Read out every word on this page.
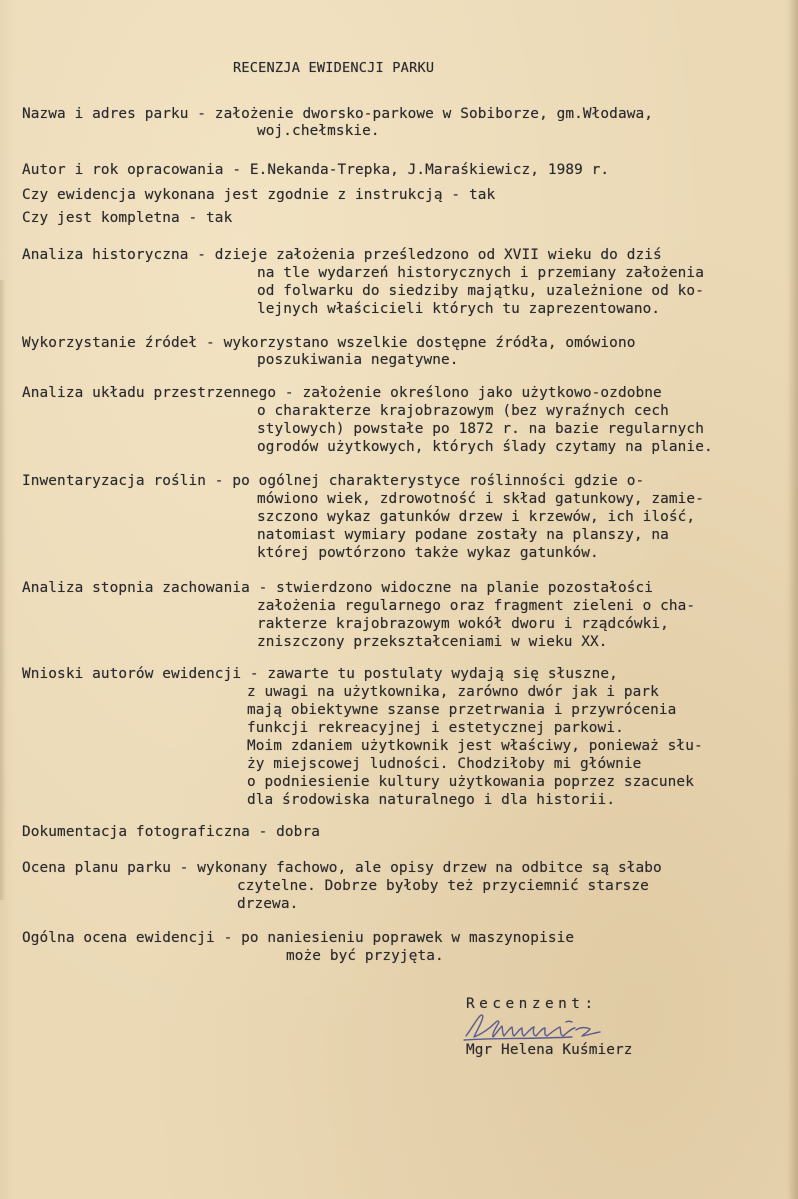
RECENZJA EWIDENCJI PARKU
Nazwa i adres parku - założenie dworsko-parkowe w Sobiborze, gm.Włodawa,
woj.chełmskie.
Autor i rok opracowania - E.Nekanda-Trepka, J.Maraśkiewicz, 1989 r.
Czy ewidencja wykonana jest zgodnie z instrukcją - tak
Czy jest kompletna - tak
Analiza historyczna - dzieje założenia prześledzono od XVII wieku do dziś
na tle wydarzeń historycznych i przemiany założenia
od folwarku do siedziby majątku, uzależnione od ko-
lejnych właścicieli których tu zaprezentowano.
Wykorzystanie źródeł - wykorzystano wszelkie dostępne źródła, omówiono
poszukiwania negatywne.
Analiza układu przestrzennego - założenie określono jako użytkowo-ozdobne
o charakterze krajobrazowym (bez wyraźnych cech
stylowych) powstałe po 1872 r. na bazie regularnych
ogrodów użytkowych, których ślady czytamy na planie.
Inwentaryzacja roślin - po ogólnej charakterystyce roślinności gdzie o-
mówiono wiek, zdrowotność i skład gatunkowy, zamie-
szczono wykaz gatunków drzew i krzewów, ich ilość,
natomiast wymiary podane zostały na planszy, na
której powtórzono także wykaz gatunków.
Analiza stopnia zachowania - stwierdzono widoczne na planie pozostałości
założenia regularnego oraz fragment zieleni o cha-
rakterze krajobrazowym wokół dworu i rządcówki,
zniszczony przekształceniami w wieku XX.
Wnioski autorów ewidencji - zawarte tu postulaty wydają się słuszne,
z uwagi na użytkownika, zarówno dwór jak i park
mają obiektywne szanse przetrwania i przywrócenia
funkcji rekreacyjnej i estetycznej parkowi.
Moim zdaniem użytkownik jest właściwy, ponieważ słu-
ży miejscowej ludności. Chodziłoby mi głównie
o podniesienie kultury użytkowania poprzez szacunek
dla środowiska naturalnego i dla historii.
Dokumentacja fotograficzna - dobra
Ocena planu parku - wykonany fachowo, ale opisy drzew na odbitce są słabo
czytelne. Dobrze byłoby też przyciemnić starsze
drzewa.
Ogólna ocena ewidencji - po naniesieniu poprawek w maszynopisie
może być przyjęta.
Recenzent:
Mgr Helena Kuśmierz
